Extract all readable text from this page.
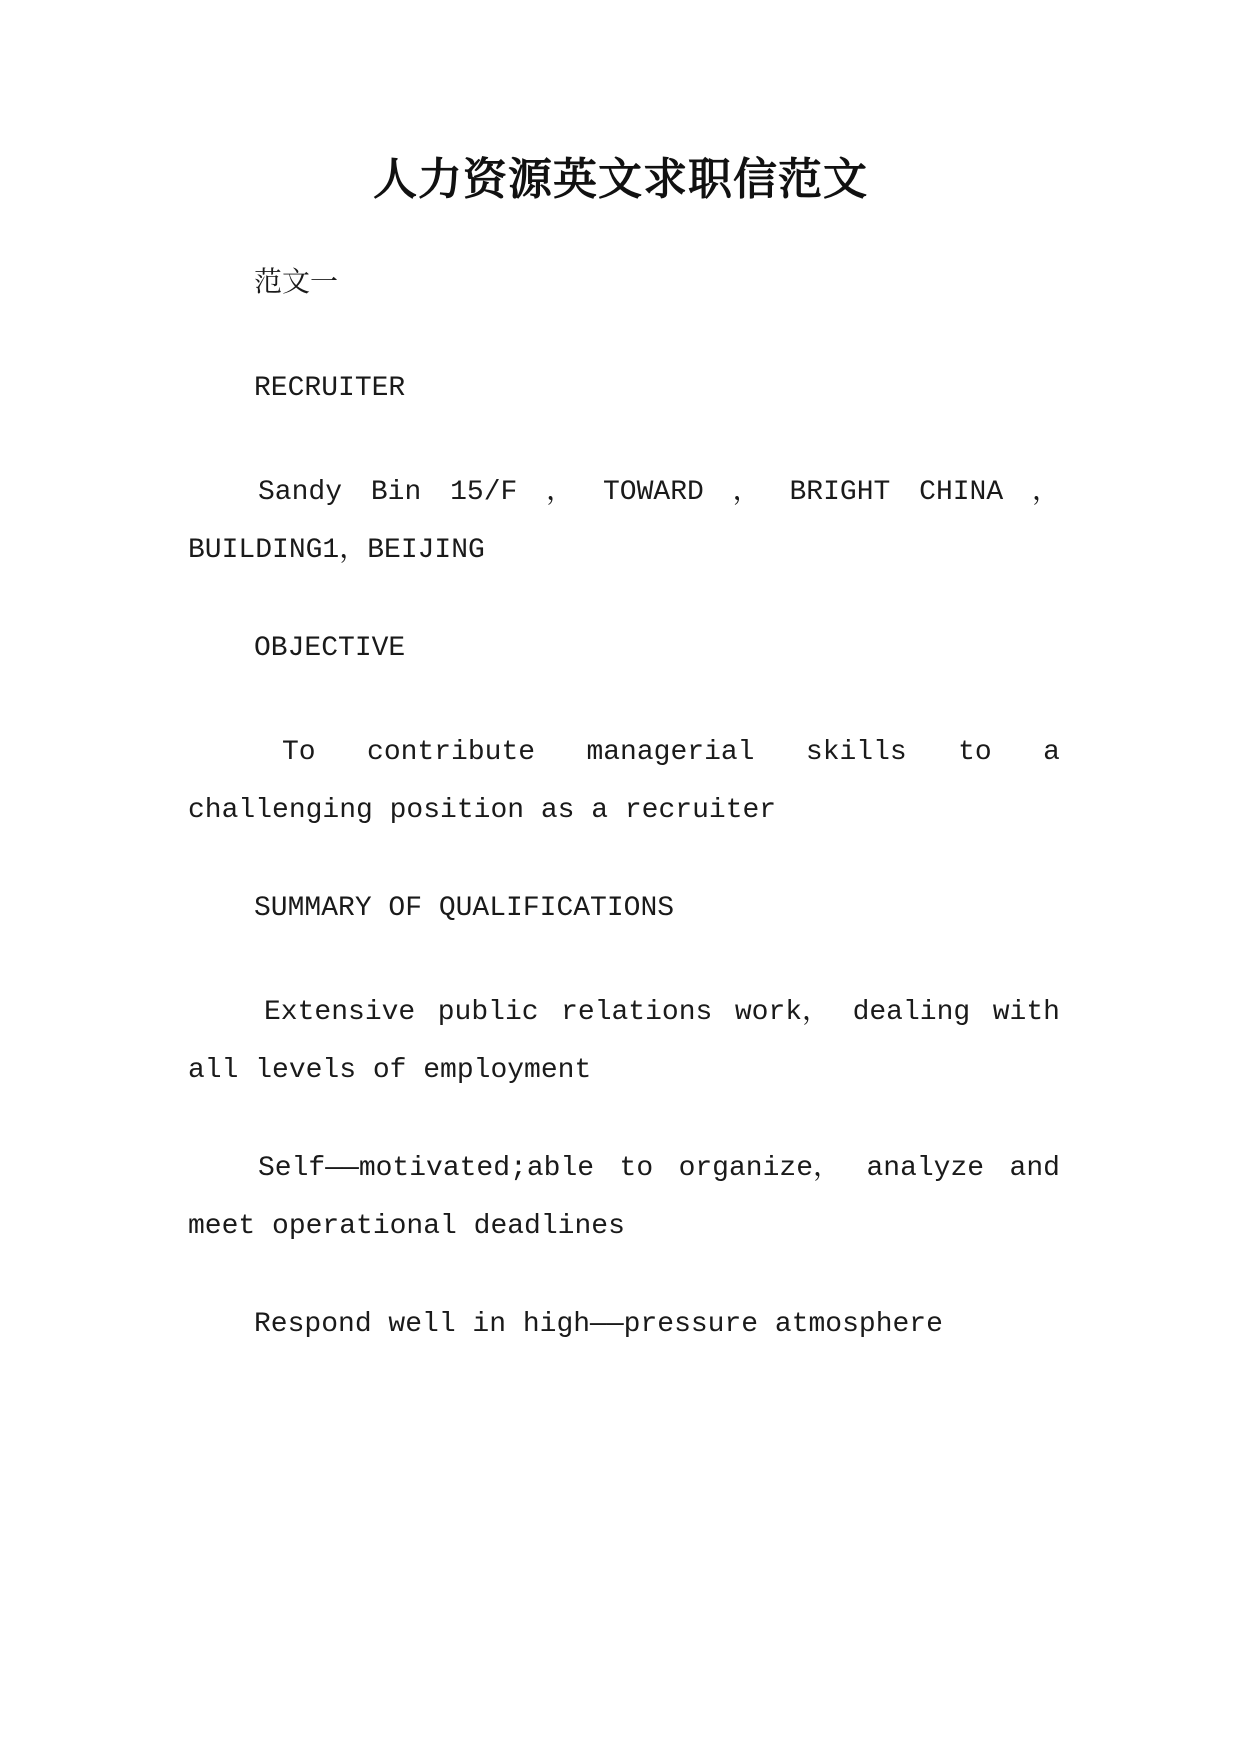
人力资源英文求职信范文
范文一
RECRUITER
Sandy Bin 15/F ， TOWARD ， BRIGHT CHINA ，
BUILDING1，BEIJING
OBJECTIVE
To contribute managerial skills to a
challenging position as a recruiter
SUMMARY OF QUALIFICATIONS
Extensive public relations work， dealing with
all levels of employment
Self——motivated;able to organize， analyze and
meet operational deadlines
Respond well in high——pressure atmosphere
